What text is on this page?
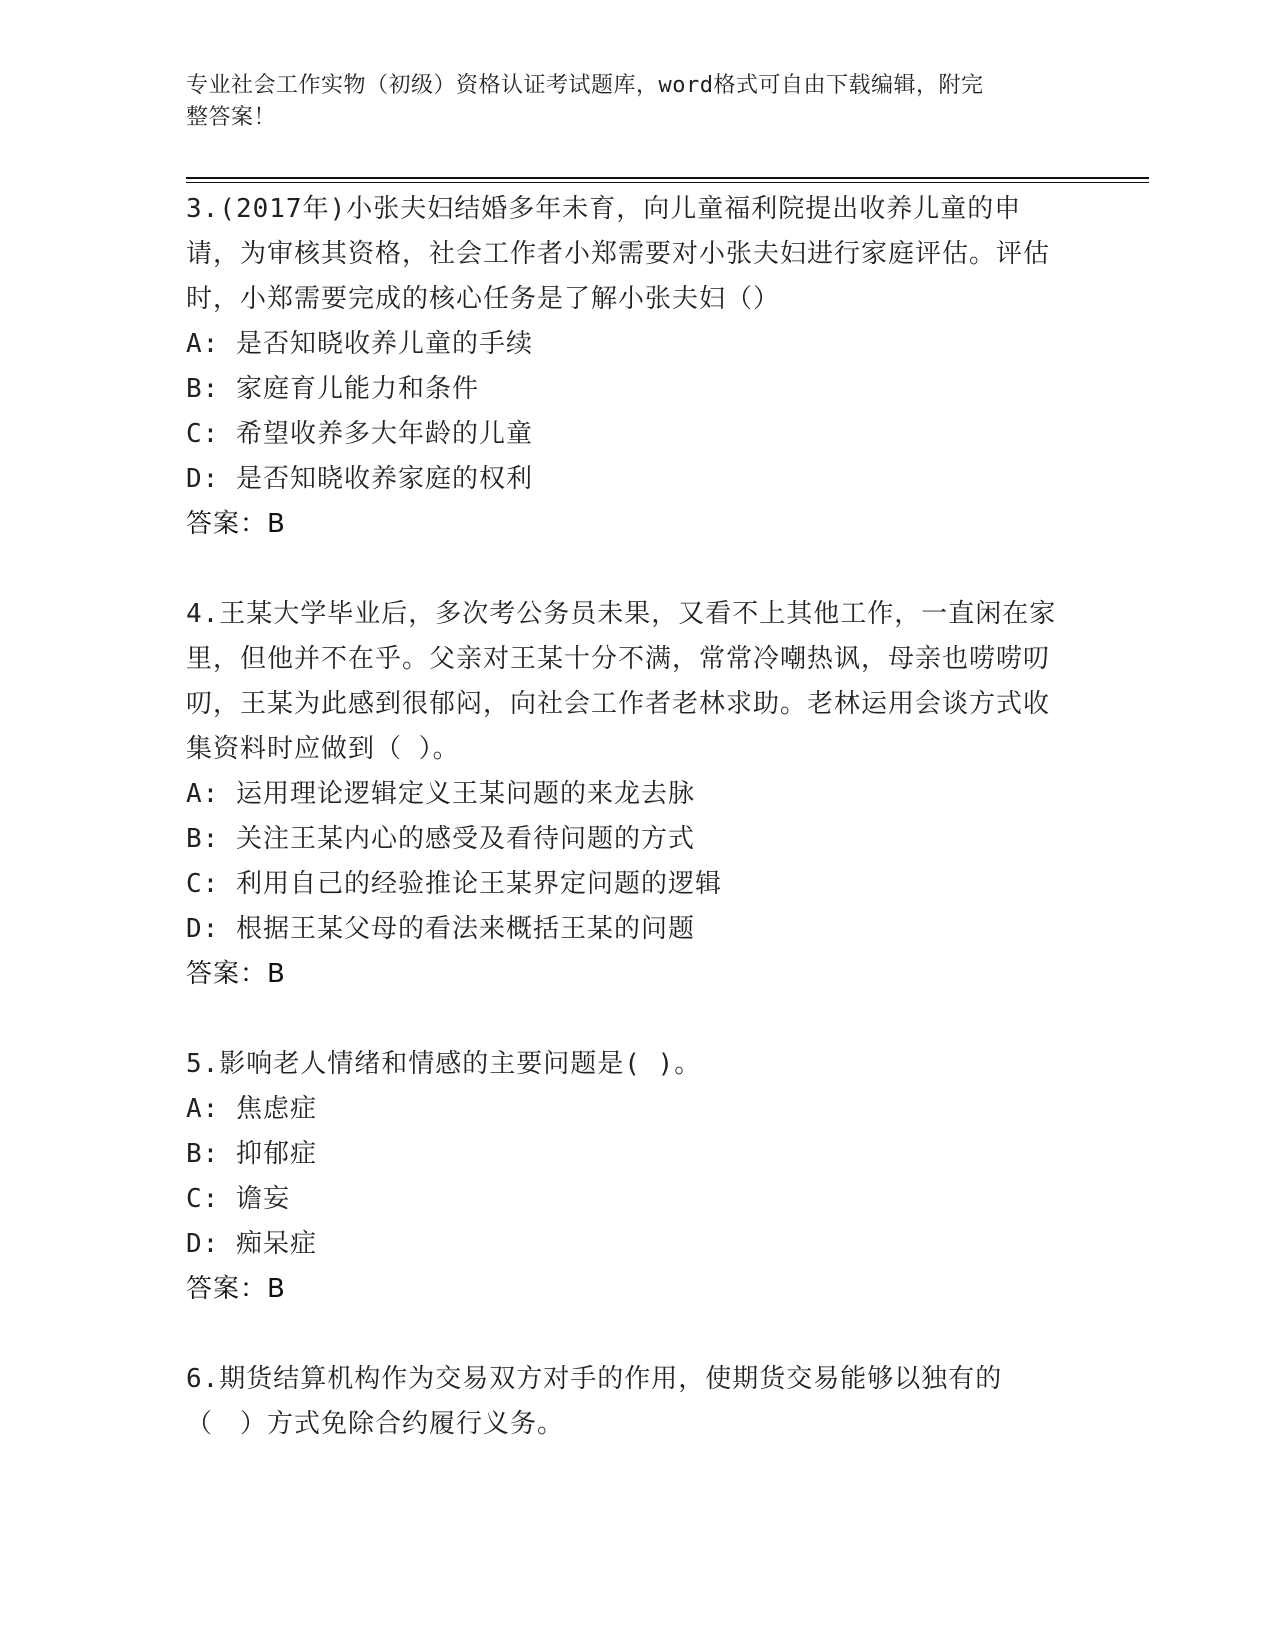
专业社会工作实物（初级）资格认证考试题库，word格式可自由下载编辑，附完
整答案！

3.(2017年)小张夫妇结婚多年未育，向儿童福利院提出收养儿童的申请，为审核其资格，社会工作者小郑需要对小张夫妇进行家庭评估。评估时，小郑需要完成的核心任务是了解小张夫妇（）

A: 是否知晓收养儿童的手续

B: 家庭育儿能力和条件

C: 希望收养多大年龄的儿童

D: 是否知晓收养家庭的权利

答案：B

4.王某大学毕业后，多次考公务员未果，又看不上其他工作，一直闲在家里，但他并不在乎。父亲对王某十分不满，常常冷嘲热讽，母亲也唠唠叨叨，王某为此感到很郁闷，向社会工作者老林求助。老林运用会谈方式收集资料时应做到（ ）。

A: 运用理论逻辑定义王某问题的来龙去脉

B: 关注王某内心的感受及看待问题的方式

C: 利用自己的经验推论王某界定问题的逻辑

D: 根据王某父母的看法来概括王某的问题

答案：B

5.影响老人情绪和情感的主要问题是( )。

A: 焦虑症

B: 抑郁症

C: 谵妄

D: 痴呆症

答案：B

6.期货结算机构作为交易双方对手的作用，使期货交易能够以独有的（　）方式免除合约履行义务。
